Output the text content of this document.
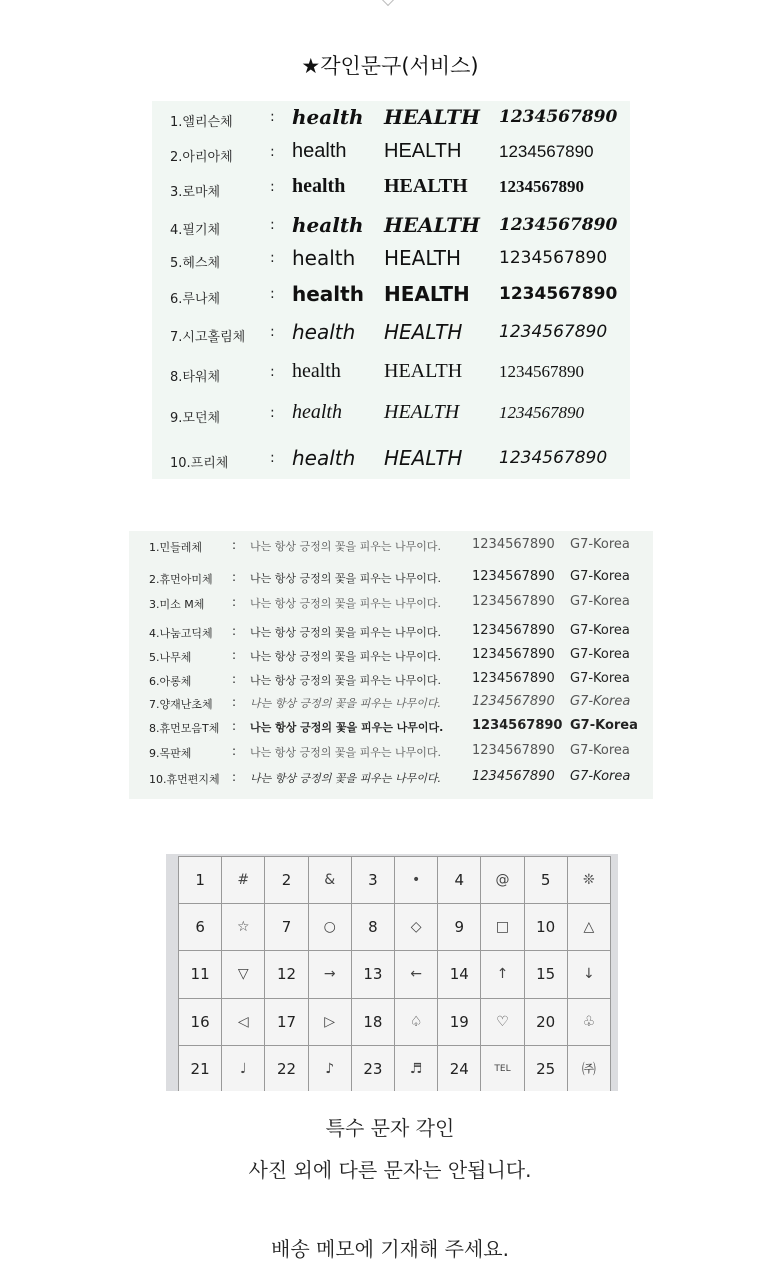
★각인문구(서비스)
1.앨리슨체	: health HEALTH 1234567890
2.아리아체	: health HEALTH 1234567890
3.로마체	: health HEALTH 1234567890
4.필기체	: health HEALTH 1234567890
5.헤스체	: health HEALTH 1234567890
6.루나체	: health HEALTH 1234567890
7.시고홀림체 : health HEALTH 1234567890
8.타워체	: health HEALTH 1234567890
9.모던체	: health HEALTH 1234567890
10.프리체	: health HEALTH 1234567890
1.민들레체	: 나는 항상 긍정의 꽃을 피우는 나무이다. 1234567890 G7-Korea
2.휴먼아미체 : 나는 항상 긍정의 꽃을 피우는 나무이다. 1234567890 G7-Korea
3.미소 M체 : 나는 항상 긍정의 꽃을 피우는 나무이다. 1234567890 G7-Korea
4.나눔고딕체 : 나는 항상 긍정의 꽃을 피우는 나무이다. 1234567890 G7-Korea
5.나무체	: 나는 항상 긍정의 꽃을 피우는 나무이다. 1234567890 G7-Korea
6.아롱체	: 나는 항상 긍정의 꽃을 피우는 나무이다. 1234567890 G7-Korea
7.양재난초체 : 나는 항상 긍정의 꽃을 피우는 나무이다. 1234567890 G7-Korea
8.휴먼모음T체 : 나는 항상 긍정의 꽃을 피우는 나무이다. 1234567890 G7-Korea
9.목판체	: 나는 항상 긍정의 꽃을 피우는 나무이다. 1234567890 G7-Korea
10.휴먼편지체 : 나는 항상 긍정의 꽃을 피우는 나무이다. 1234567890 G7-Korea
1	#	2	&	3	•	4	@	5	❊
6	☆	7	○	8	◇	9	□	10	△
11	▽	12	→	13	←	14	↑	15	↓
16	◁	17	▷	18	♤	19	♡	20	♧
21	♩	22	♪	23	♬	24	TEL	25	㈜
특수 문자 각인
사진 외에 다른 문자는 안됩니다.
배송 메모에 기재해 주세요.
